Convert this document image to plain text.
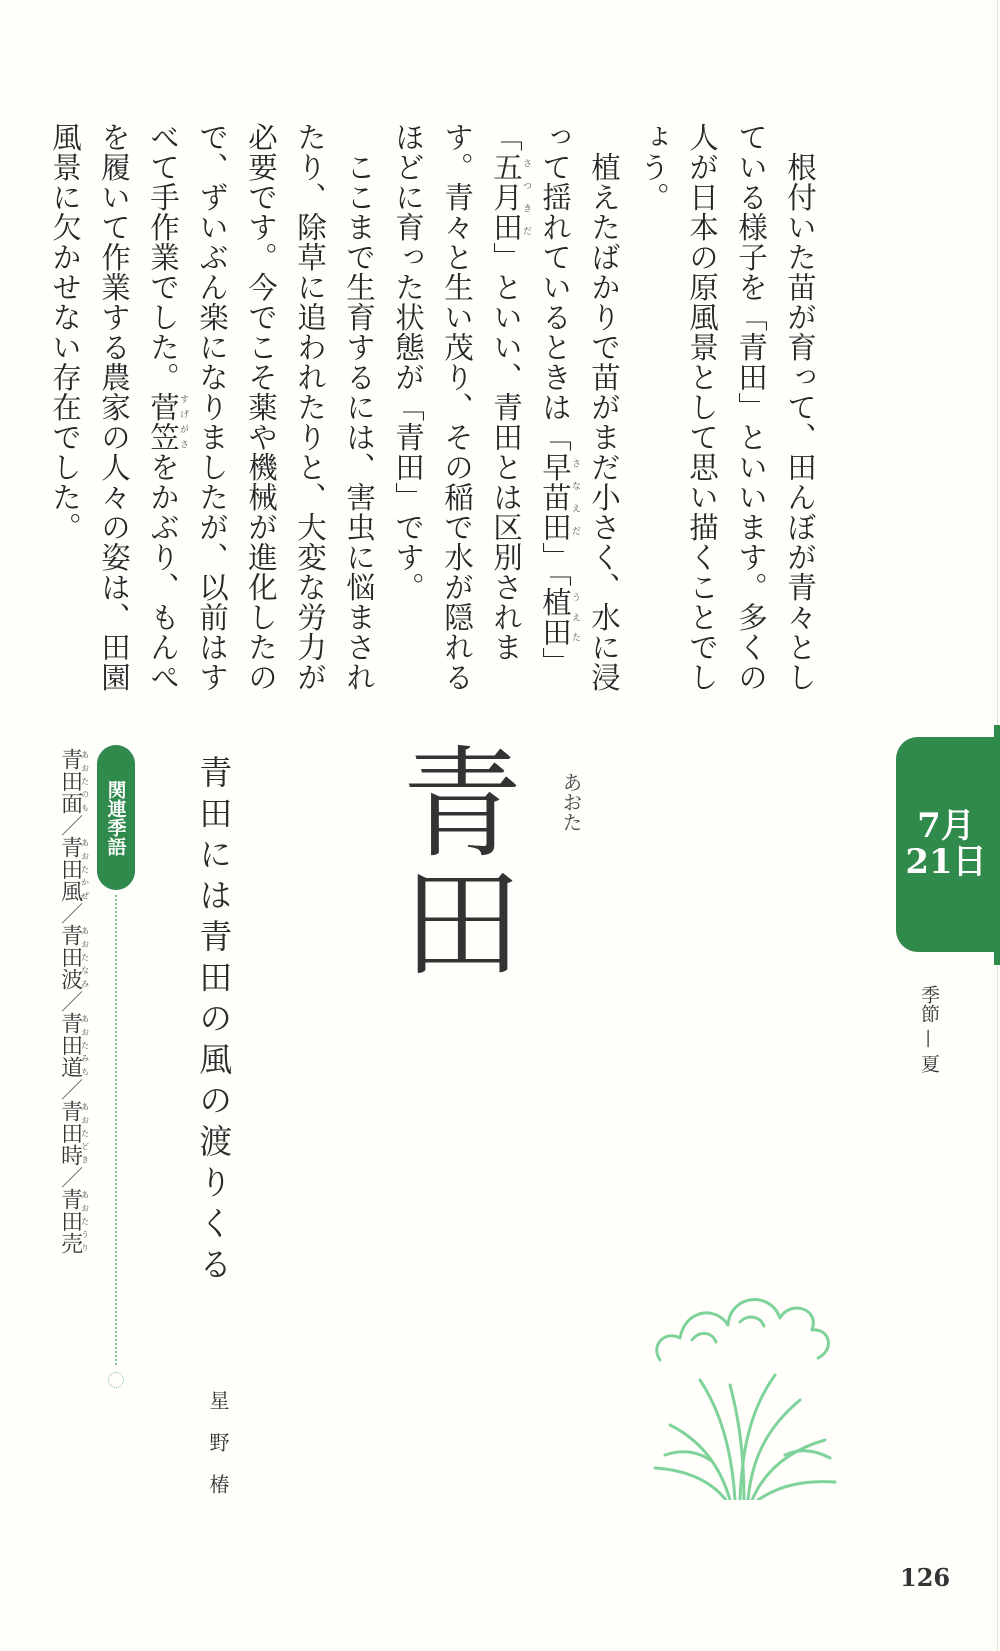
根付いた苗が育って、田んぼが青々としている様子を「青田」といいます。多くの人が日本の原風景として思い描くことでしょう。

植えたばかりで苗がまだ小さく、水に浸って揺れているときは「早苗田さなえだ」「植田うえた」「五月田さつきだ」といい、青田とは区別されます。青々と生い茂り、その稲で水が隠れるほどに育った状態が「青田」です。

ここまで生育するには、害虫に悩まされたり、除草に追われたりと、大変な労力が必要です。今でこそ薬や機械が進化したので、ずいぶん楽になりましたが、以前はすべて手作業でした。菅笠すげがさをかぶり、もんぺを履いて作業する農家の人々の姿は、田園風景に欠かせない存在でした。

7月
21日
季節—夏
青田 あおた
青田には青田の風の渡りくる
星野椿
関連季語
青田面あおたのも／青田風あおたかぜ／青田波あおたなみ／青田道あおたみち／青田時あおたどき／青田売あおたうり
126
